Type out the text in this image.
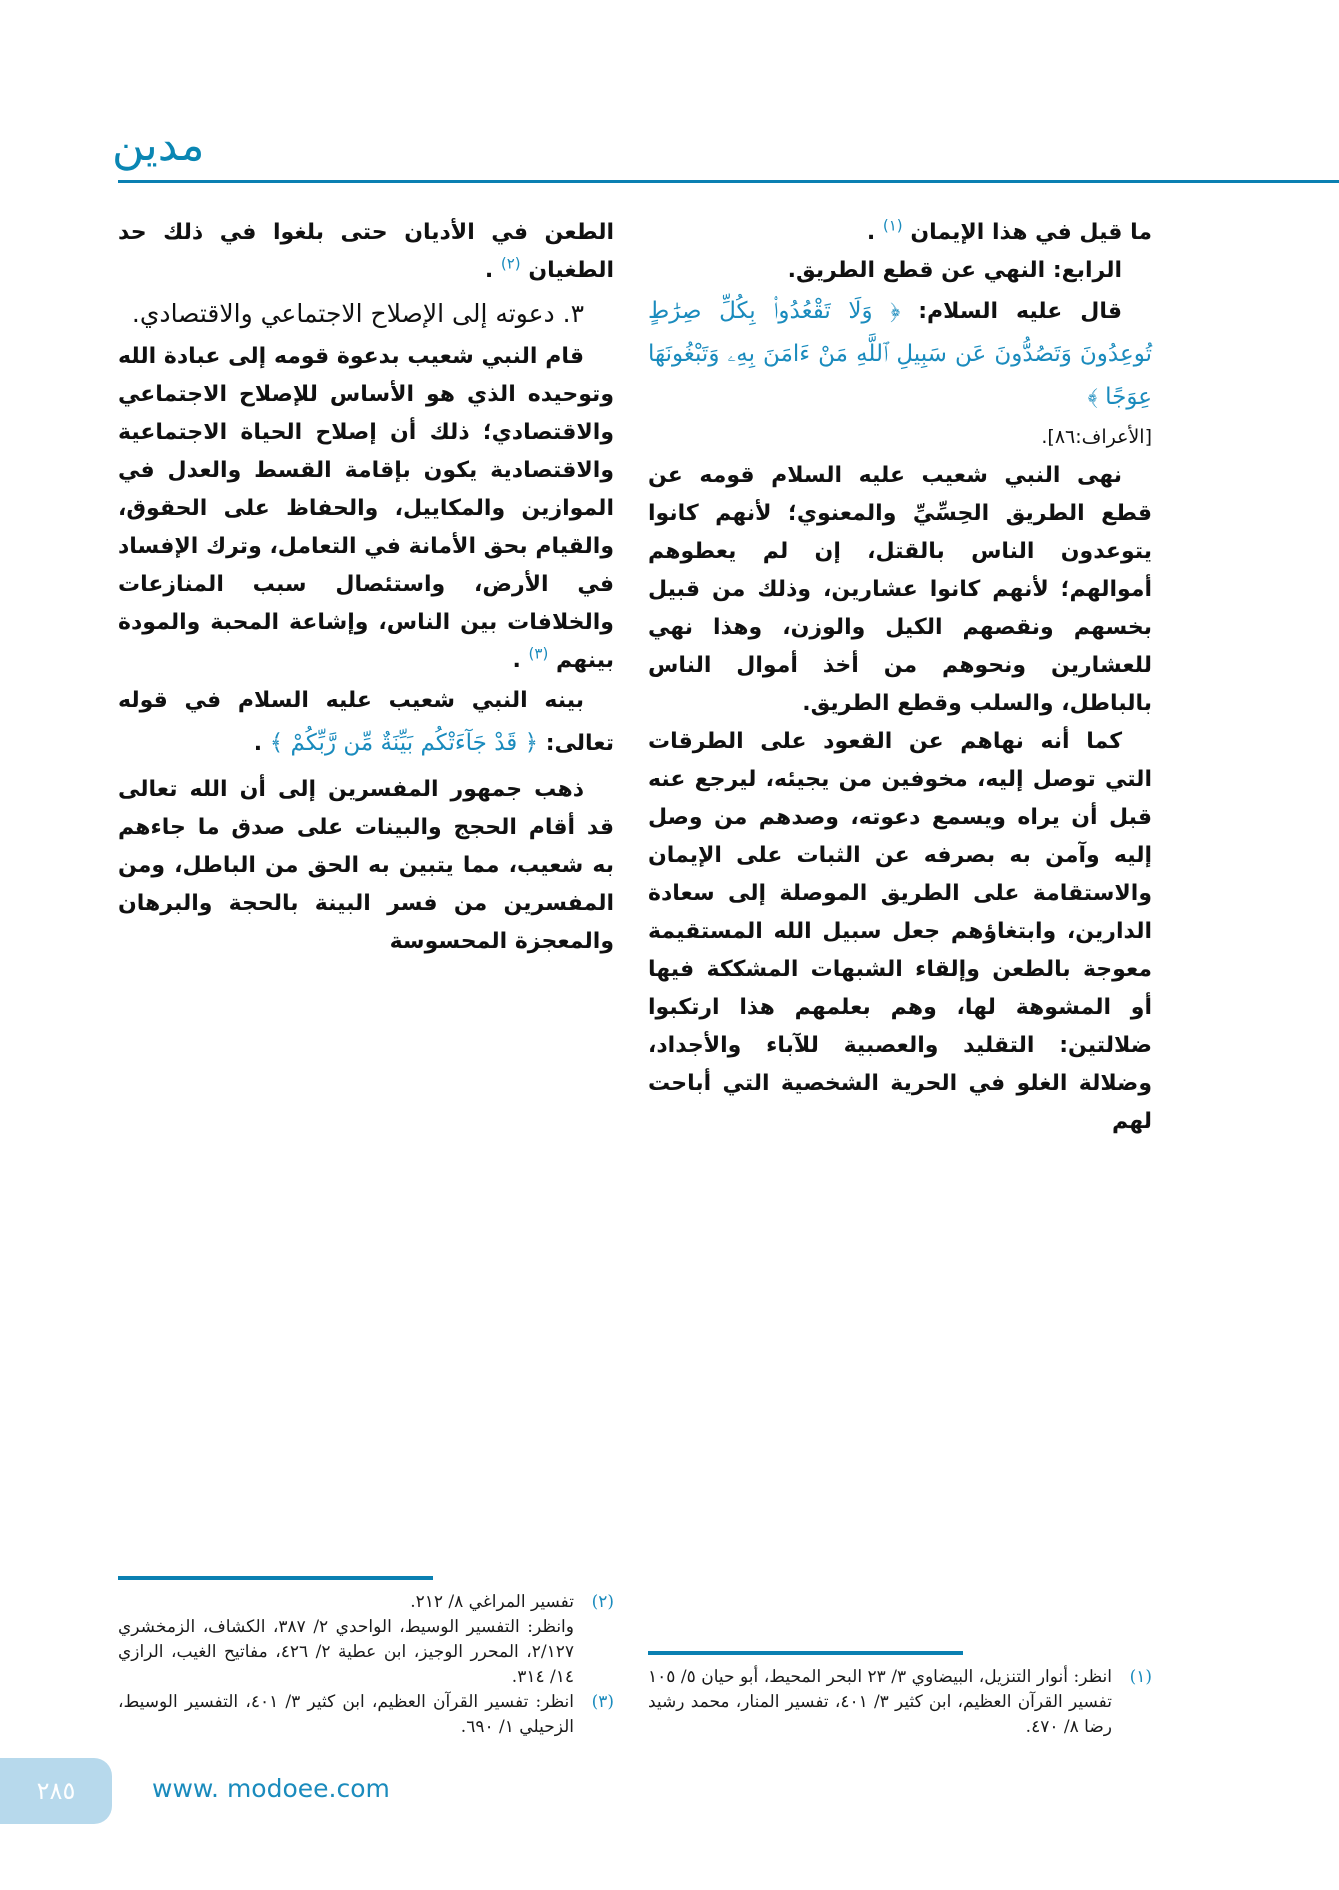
مدين

ما قيل في هذا الإيمان $^{(١)}$ .

الرابع: النهي عن قطع الطريق.

قال عليه السلام: ﴿ وَلَا تَقْعُدُوا۟ بِكُلِّ صِرَٰطٍ تُوعِدُونَ وَتَصُدُّونَ عَن سَبِيلِ ٱللَّهِ مَنْ ءَامَنَ بِهِۦ وَتَبْغُونَهَا عِوَجًا ﴾

[الأعراف:٨٦].

نهى النبي شعيب عليه السلام قومه عن قطع الطريق الحِسِّيِّ والمعنوي؛ لأنهم كانوا يتوعدون الناس بالقتل، إن لم يعطوهم أموالهم؛ لأنهم كانوا عشارين، وذلك من قبيل بخسهم ونقصهم الكيل والوزن، وهذا نهي للعشارين ونحوهم من أخذ أموال الناس بالباطل، والسلب وقطع الطريق.

كما أنه نهاهم عن القعود على الطرقات التي توصل إليه، مخوفين من يجيئه، ليرجع عنه قبل أن يراه ويسمع دعوته، وصدهم من وصل إليه وآمن به بصرفه عن الثبات على الإيمان والاستقامة على الطريق الموصلة إلى سعادة الدارين، وابتغاؤهم جعل سبيل الله المستقيمة معوجة بالطعن وإلقاء الشبهات المشككة فيها أو المشوهة لها، وهم بعلمهم هذا ارتكبوا ضلالتين: التقليد والعصبية للآباء والأجداد، وضلالة الغلو في الحرية الشخصية التي أباحت لهم

(١)
انظر: أنوار التنزيل، البيضاوي ٣/ ٢٣ البحر المحيط، أبو حيان ٥/ ١٠٥ تفسير القرآن العظيم، ابن كثير ٣/ ٤٠١، تفسير المنار، محمد رشيد رضا ٨/ ٤٧٠.

الطعن في الأديان حتى بلغوا في ذلك حد الطغيان $^{(٢)}$ .

٣. دعوته إلى الإصلاح الاجتماعي والاقتصادي.

قام النبي شعيب بدعوة قومه إلى عبادة الله وتوحيده الذي هو الأساس للإصلاح الاجتماعي والاقتصادي؛ ذلك أن إصلاح الحياة الاجتماعية والاقتصادية يكون بإقامة القسط والعدل في الموازين والمكاييل، والحفاظ على الحقوق، والقيام بحق الأمانة في التعامل، وترك الإفساد في الأرض، واستئصال سبب المنازعات والخلافات بين الناس، وإشاعة المحبة والمودة بينهم $^{(٣)}$ .

بينه النبي شعيب عليه السلام في قوله تعالى: ﴿ قَدْ جَآءَتْكُم بَيِّنَةٌ مِّن رَّبِّكُمْ ﴾ .

ذهب جمهور المفسرين إلى أن الله تعالى قد أقام الحجج والبينات على صدق ما جاءهم به شعيب، مما يتبين به الحق من الباطل، ومن المفسرين من فسر البينة بالحجة والبرهان والمعجزة المحسوسة

(٢)
تفسير المراغي ٨/ ٢١٢.
وانظر: التفسير الوسيط، الواحدي ٢/ ٣٨٧، الكشاف، الزمخشري ٢/١٢٧، المحرر الوجيز، ابن عطية ٢/ ٤٢٦، مفاتيح الغيب، الرازي ١٤/ ٣١٤.
(٣)
انظر: تفسير القرآن العظيم، ابن كثير ٣/ ٤٠١، التفسير الوسيط، الزحيلي ١/ ٦٩٠.
٢٨٥	www. modoee.com
